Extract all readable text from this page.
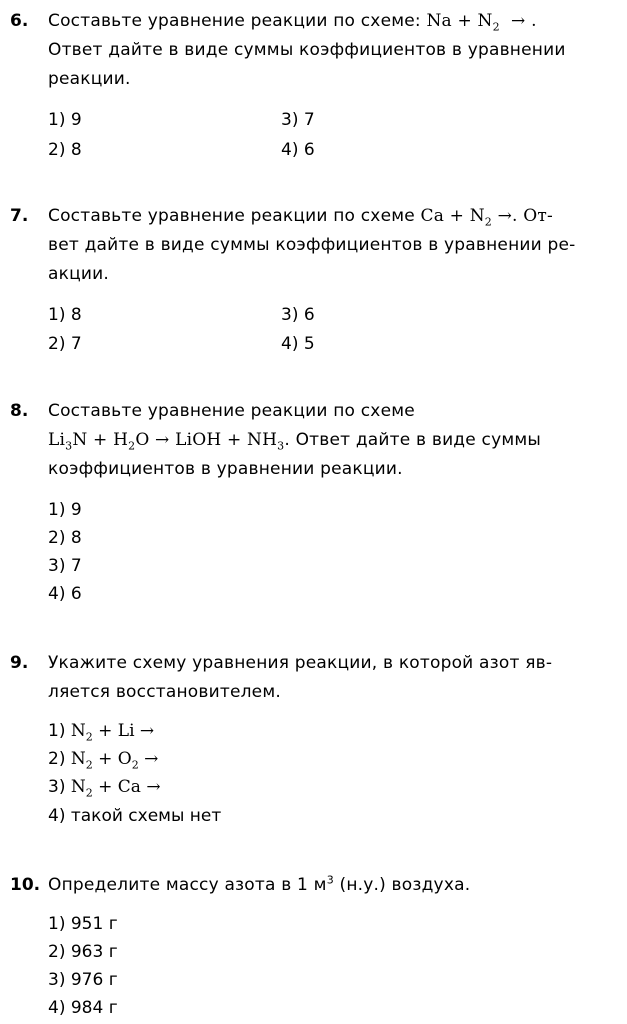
6. Составьте уравнение реакции по схеме: $Na + N_2$ → .
Ответ дайте в виде суммы коэффициентов в уравнении
реакции.
1) 9
2) 8
3) 7
4) 6
7. Составьте уравнение реакции по схеме $Ca + N_2$ →. От-
вет дайте в виде суммы коэффициентов в уравнении ре-
акции.
1) 8
2) 7
3) 6
4) 5
8. Составьте уравнение реакции по схеме
$Li_3N + H_2O$ → LiOH + $NH_3$. Ответ дайте в виде суммы
коэффициентов в уравнении реакции.
1) 9
2) 8
3) 7
4) 6
9. Укажите схему уравнения реакции, в которой азот яв-
ляется восстановителем.
1) $N_2 + Li$ →
2) $N_2 + O_2$ →
3) $N_2 + Ca$ →
4) такой схемы нет
10. Определите массу азота в 1 $м^3$ (н.у.) воздуха.
1) 951 г
2) 963 г
3) 976 г
4) 984 г
